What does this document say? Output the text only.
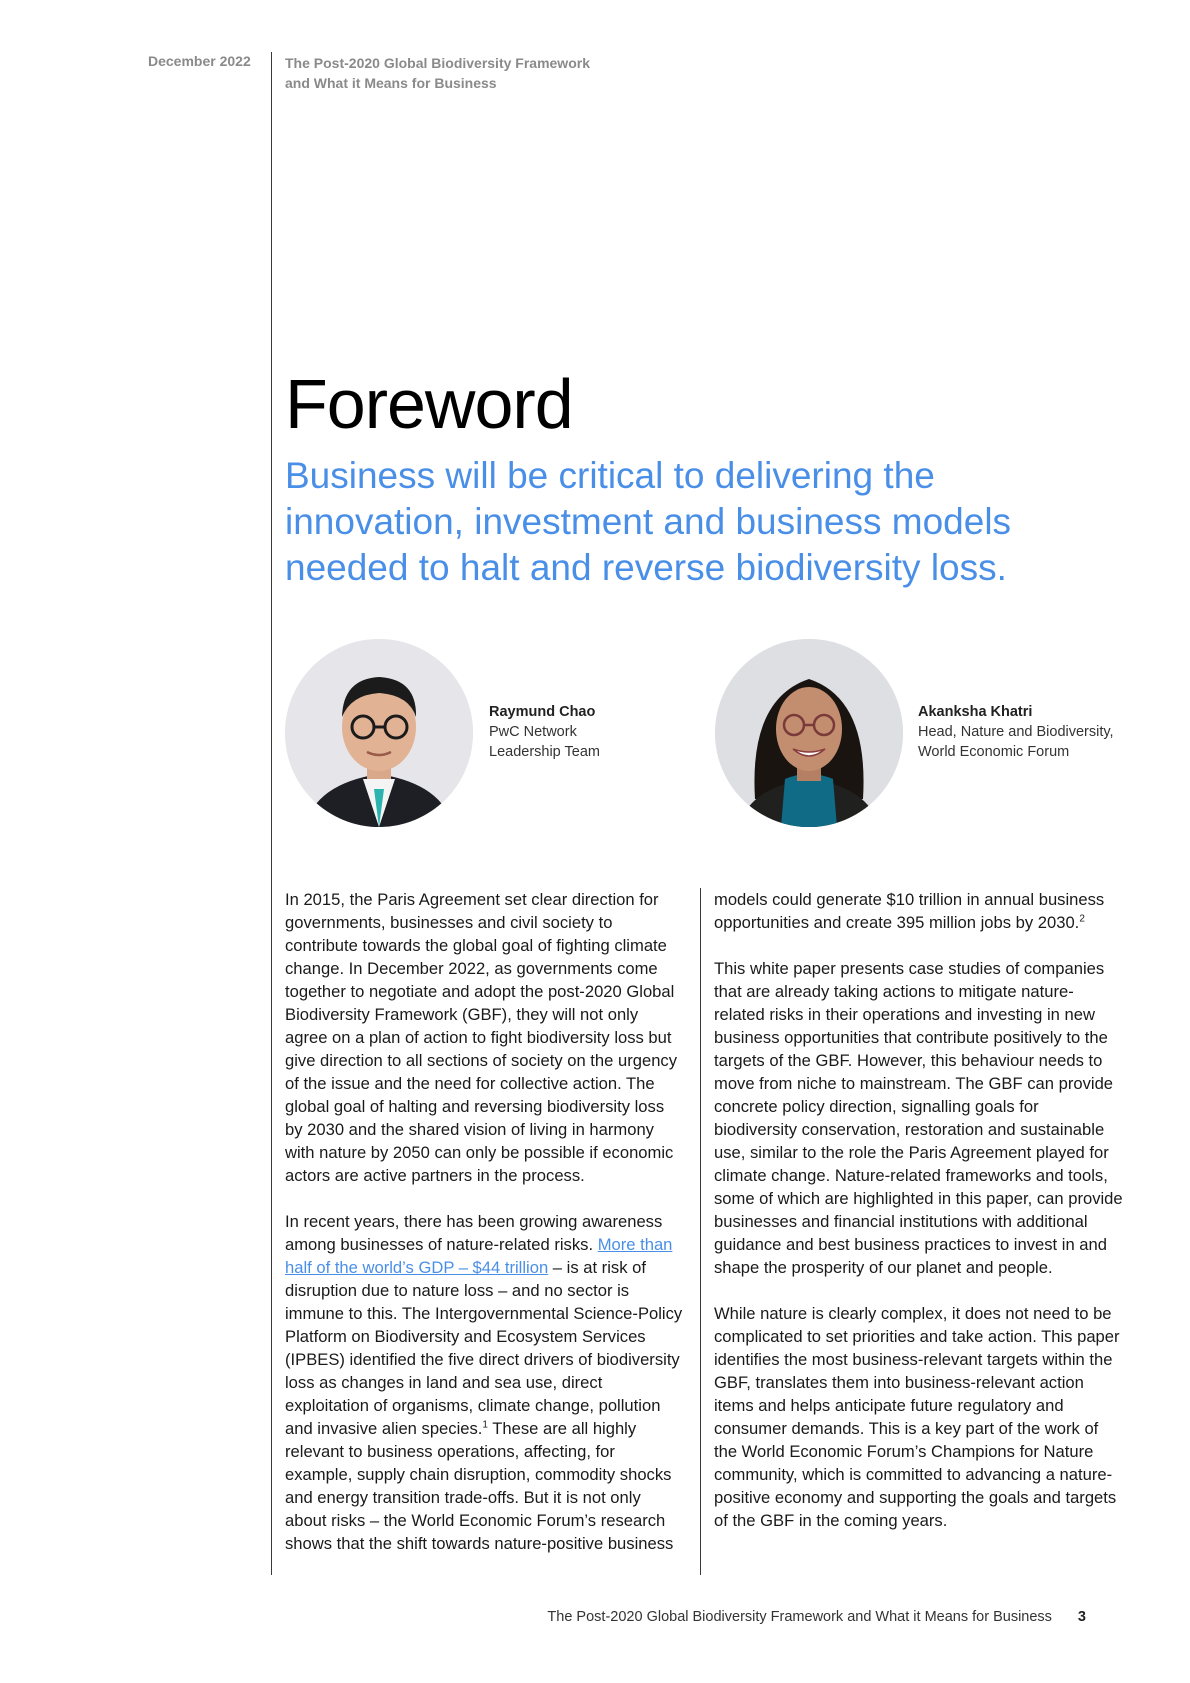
December 2022	The Post-2020 Global Biodiversity Framework
and What it Means for Business
Foreword

Business will be critical to delivering the innovation, investment and business models needed to halt and reverse biodiversity loss.

Raymund Chao
PwC Network
Leadership Team
Akanksha Khatri
Head, Nature and Biodiversity,
World Economic Forum

In 2015, the Paris Agreement set clear direction for governments, businesses and civil society to contribute towards the global goal of fighting climate change. In December 2022, as governments come together to negotiate and adopt the post-2020 Global Biodiversity Framework (GBF), they will not only agree on a plan of action to fight biodiversity loss but give direction to all sections of society on the urgency of the issue and the need for collective action. The global goal of halting and reversing biodiversity loss by 2030 and the shared vision of living in harmony with nature by 2050 can only be possible if economic actors are active partners in the process.

In recent years, there has been growing awareness among businesses of nature-related risks. More than half of the world’s GDP – $44 trillion – is at risk of disruption due to nature loss – and no sector is immune to this. The Intergovernmental Science-Policy Platform on Biodiversity and Ecosystem Services (IPBES) identified the five direct drivers of biodiversity loss as changes in land and sea use, direct exploitation of organisms, climate change, pollution and invasive alien species.$^1$ These are all highly relevant to business operations, affecting, for example, supply chain disruption, commodity shocks and energy transition trade-offs. But it is not only about risks – the World Economic Forum’s research shows that the shift towards nature-positive business

models could generate $10 trillion in annual business opportunities and create 395 million jobs by 2030.$^2$

This white paper presents case studies of companies that are already taking actions to mitigate nature-related risks in their operations and investing in new business opportunities that contribute positively to the targets of the GBF. However, this behaviour needs to move from niche to mainstream. The GBF can provide concrete policy direction, signalling goals for biodiversity conservation, restoration and sustainable use, similar to the role the Paris Agreement played for climate change. Nature-related frameworks and tools, some of which are highlighted in this paper, can provide businesses and financial institutions with additional guidance and best business practices to invest in and shape the prosperity of our planet and people.

While nature is clearly complex, it does not need to be complicated to set priorities and take action. This paper identifies the most business-relevant targets within the GBF, translates them into business-relevant action items and helps anticipate future regulatory and consumer demands. This is a key part of the work of the World Economic Forum’s Champions for Nature community, which is committed to advancing a nature-positive economy and supporting the goals and targets of the GBF in the coming years.

The Post-2020 Global Biodiversity Framework and What it Means for Business 3
